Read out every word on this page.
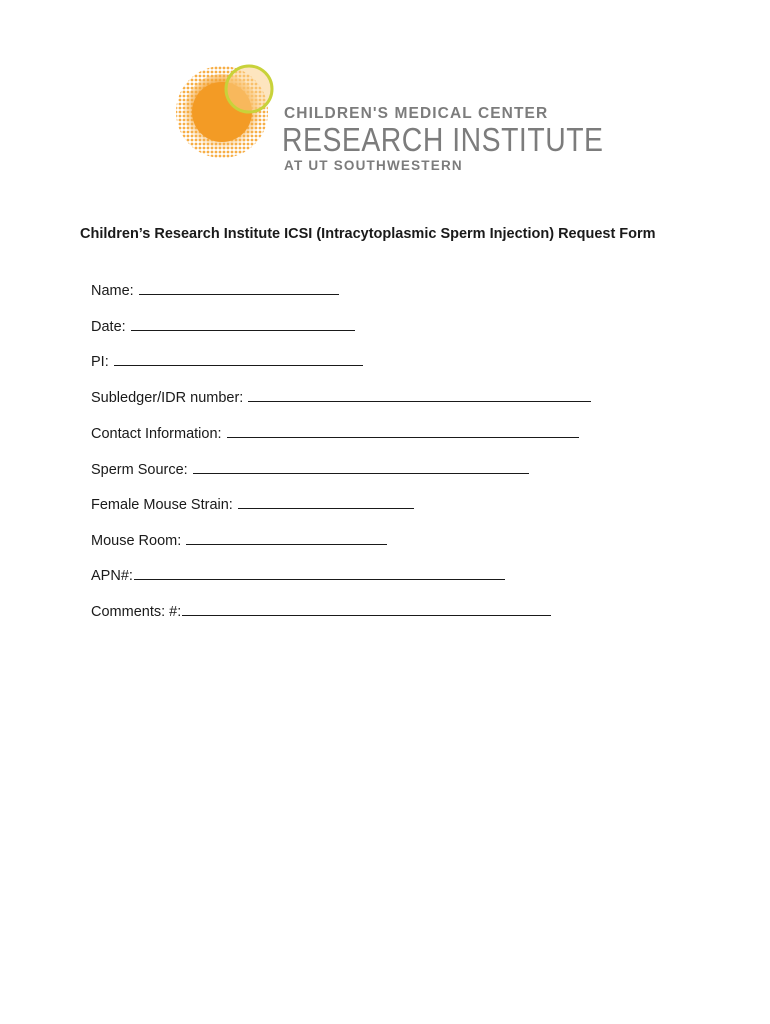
CHILDREN'S MEDICAL CENTER
RESEARCH INSTITUTE
AT UT SOUTHWESTERN
Children’s Research Institute ICSI (Intracytoplasmic Sperm Injection) Request Form
Name:
Date:
PI:
Subledger/IDR number:
Contact Information:
Sperm Source:
Female Mouse Strain:
Mouse Room:
APN#:
Comments: #:
